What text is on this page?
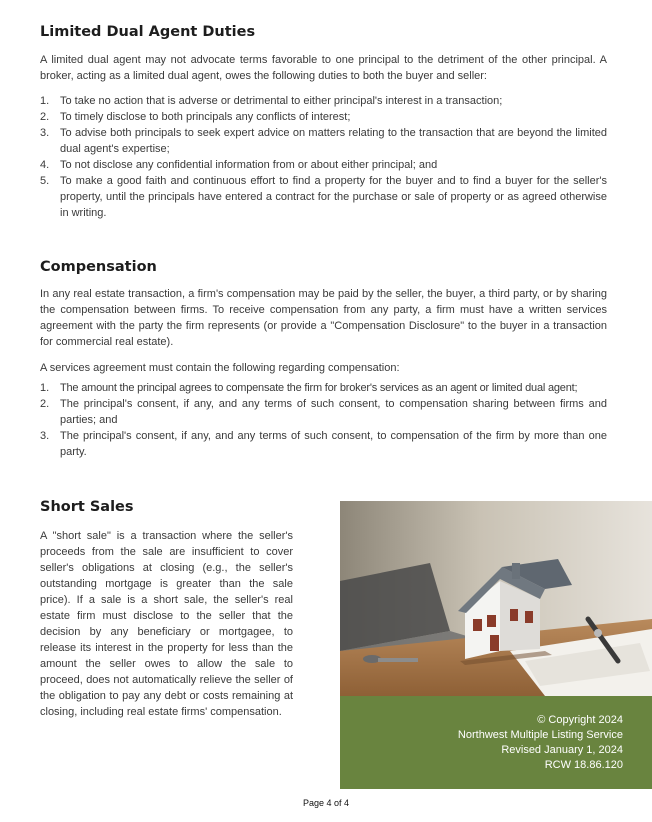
Limited Dual Agent Duties

A limited dual agent may not advocate terms favorable to one principal to the detriment of the other principal. A broker, acting as a limited dual agent, owes the following duties to both the buyer and seller:

1. To take no action that is adverse or detrimental to either principal's interest in a transaction;
2. To timely disclose to both principals any conflicts of interest;
3. To advise both principals to seek expert advice on matters relating to the transaction that are beyond the limited dual agent's expertise;
4. To not disclose any confidential information from or about either principal; and
5. To make a good faith and continuous effort to find a property for the buyer and to find a buyer for the seller's property, until the principals have entered a contract for the purchase or sale of property or as agreed otherwise in writing.
Compensation

In any real estate transaction, a firm's compensation may be paid by the seller, the buyer, a third party, or by sharing the compensation between firms. To receive compensation from any party, a firm must have a written services agreement with the party the firm represents (or provide a "Compensation Disclosure" to the buyer in a transaction for commercial real estate).

A services agreement must contain the following regarding compensation:

1. The amount the principal agrees to compensate the firm for broker's services as an agent or limited dual agent;
2. The principal's consent, if any, and any terms of such consent, to compensation sharing between firms and parties; and
3. The principal's consent, if any, and any terms of such consent, to compensation of the firm by more than one party.
Short Sales

A "short sale" is a transaction where the seller's proceeds from the sale are insufficient to cover seller's obligations at closing (e.g., the seller's outstanding mortgage is greater than the sale price). If a sale is a short sale, the seller's real estate firm must disclose to the seller that the decision by any beneficiary or mortgagee, to release its interest in the property for less than the amount the seller owes to allow the sale to proceed, does not automatically relieve the seller of the obligation to pay any debt or costs remaining at closing, including real estate firms' compensation.

© Copyright 2024
Northwest Multiple Listing Service
Revised January 1, 2024
RCW 18.86.120
Page 4 of 4
